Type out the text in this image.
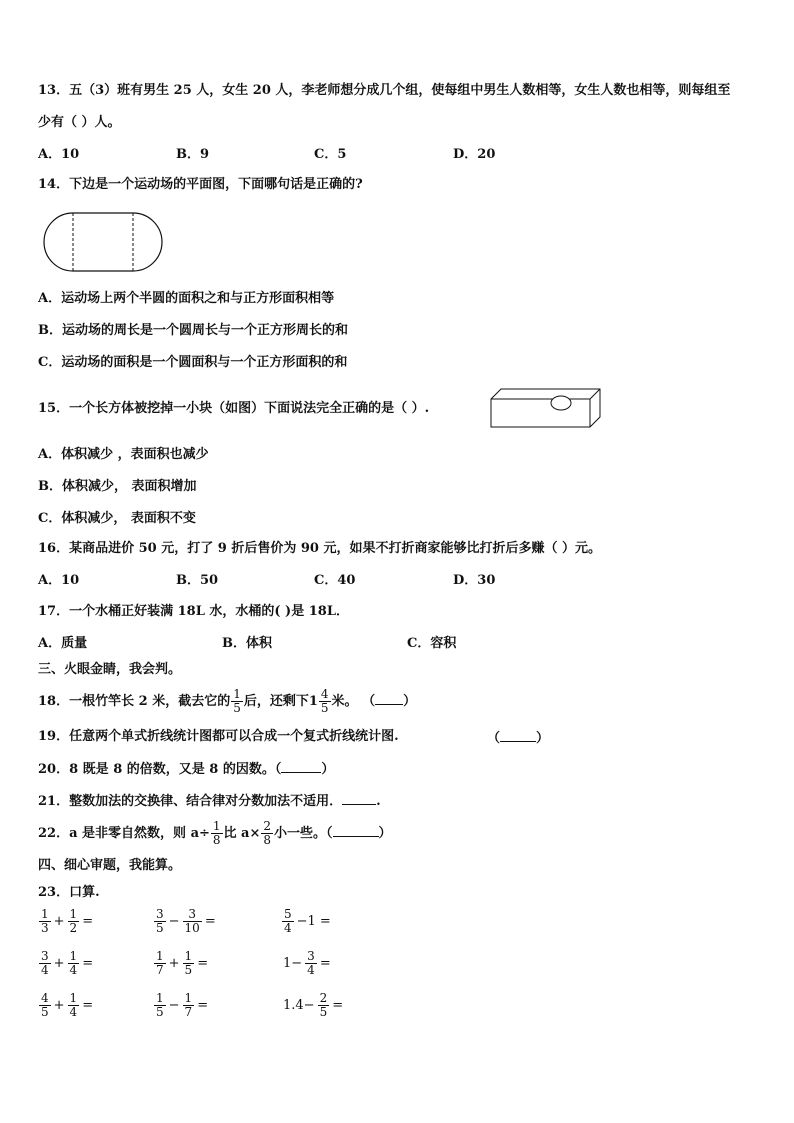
13．五（3）班有男生 25 人，女生 20 人，李老师想分成几个组，使每组中男生人数相等，女生人数也相等，则每组至
少有（ ）人。
A．10	B．9	C．5	D．20
14．下边是一个运动场的平面图，下面哪句话是正确的?
A．运动场上两个半圆的面积之和与正方形面积相等
B．运动场的周长是一个圆周长与一个正方形周长的和
C．运动场的面积是一个圆面积与一个正方形面积的和
15．一个长方体被挖掉一小块（如图）下面说法完全正确的是（ ）.
A．体积减少 ，表面积也减少
B．体积减少， 表面积增加
C．体积减少， 表面积不变
16．某商品进价 50 元，打了 9 折后售价为 90 元，如果不打折商家能够比打折后多赚（ ）元。
A．10	B．50	C．40	D．30
17．一个水桶正好装满 18L 水，水桶的( )是 18L．
A．质量	B．体积	C．容积
三、火眼金睛，我会判。
18．一根竹竿长 2 米，截去它的 $\frac{1}{5}$ 后，还剩下$1 \frac{4}{5}$ 米。 （ ）
19．任意两个单式折线统计图都可以合成一个复式折线统计图.	（	）
20．8 既是 8 的倍数，又是 8 的因数。（	）
21．整数加法的交换律、结合律对分数加法不适用．	.
22．a 是非零自然数，则 $a\div \frac{1}{8}$ 比 $a\times \frac{2}{8}$ 小一些。（	）
四、细心审题，我能算。
23．口算.
$\frac{1}{3} + \frac{1}{2}$ =	$\frac{3}{5} - \frac{3}{10}$ =	$\frac{5}{4} -1$ =
$\frac{3}{4} + \frac{1}{4}$ =	$\frac{1}{7} + \frac{1}{5}$ =	$1- \frac{3}{4}$ =
$\frac{4}{5} + \frac{1}{4}$ =	$\frac{1}{5} - \frac{1}{7}$ =	$1.4- \frac{2}{5}$ =
